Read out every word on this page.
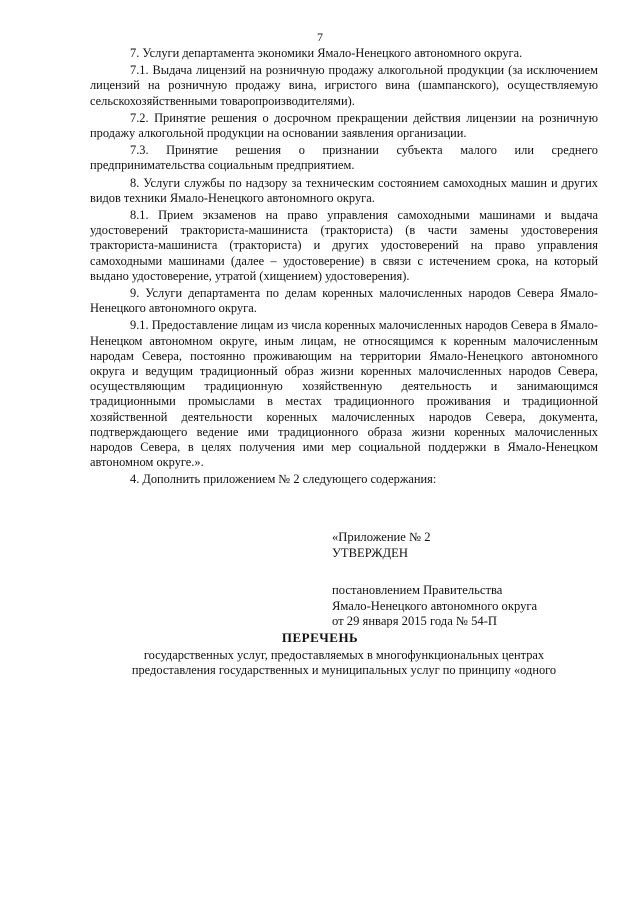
7

7. Услуги департамента экономики Ямало-Ненецкого автономного округа.

7.1. Выдача лицензий на розничную продажу алкогольной продукции (за исключением лицензий на розничную продажу вина, игристого вина (шампанского), осуществляемую сельскохозяйственными товаропроизводителями).

7.2. Принятие решения о досрочном прекращении действия лицензии на розничную продажу алкогольной продукции на основании заявления организации.

7.3. Принятие решения о признании субъекта малого или среднего предпринимательства социальным предприятием.

8. Услуги службы по надзору за техническим состоянием самоходных машин и других видов техники Ямало-Ненецкого автономного округа.

8.1. Прием экзаменов на право управления самоходными машинами и выдача удостоверений тракториста-машиниста (тракториста) (в части замены удостоверения тракториста-машиниста (тракториста) и других удостоверений на право управления самоходными машинами (далее – удостоверение) в связи с истечением срока, на который выдано удостоверение, утратой (хищением) удостоверения).

9. Услуги департамента по делам коренных малочисленных народов Севера Ямало-Ненецкого автономного округа.

9.1. Предоставление лицам из числа коренных малочисленных народов Севера в Ямало-Ненецком автономном округе, иным лицам, не относящимся к коренным малочисленным народам Севера, постоянно проживающим на территории Ямало-Ненецкого автономного округа и ведущим традиционный образ жизни коренных малочисленных народов Севера, осуществляющим традиционную хозяйственную деятельность и занимающимся традиционными промыслами в местах традиционного проживания и традиционной хозяйственной деятельности коренных малочисленных народов Севера, документа, подтверждающего ведение ими традиционного образа жизни коренных малочисленных народов Севера, в целях получения ими мер социальной поддержки в Ямало-Ненецком автономном округе.».

4. Дополнить приложением № 2 следующего содержания:

«Приложение № 2
УТВЕРЖДЕН
постановлением Правительства
Ямало-Ненецкого автономного округа
от 29 января 2015 года № 54-П
ПЕРЕЧЕНЬ
государственных услуг, предоставляемых в многофункциональных центрах
предоставления государственных и муниципальных услуг по принципу «одного
